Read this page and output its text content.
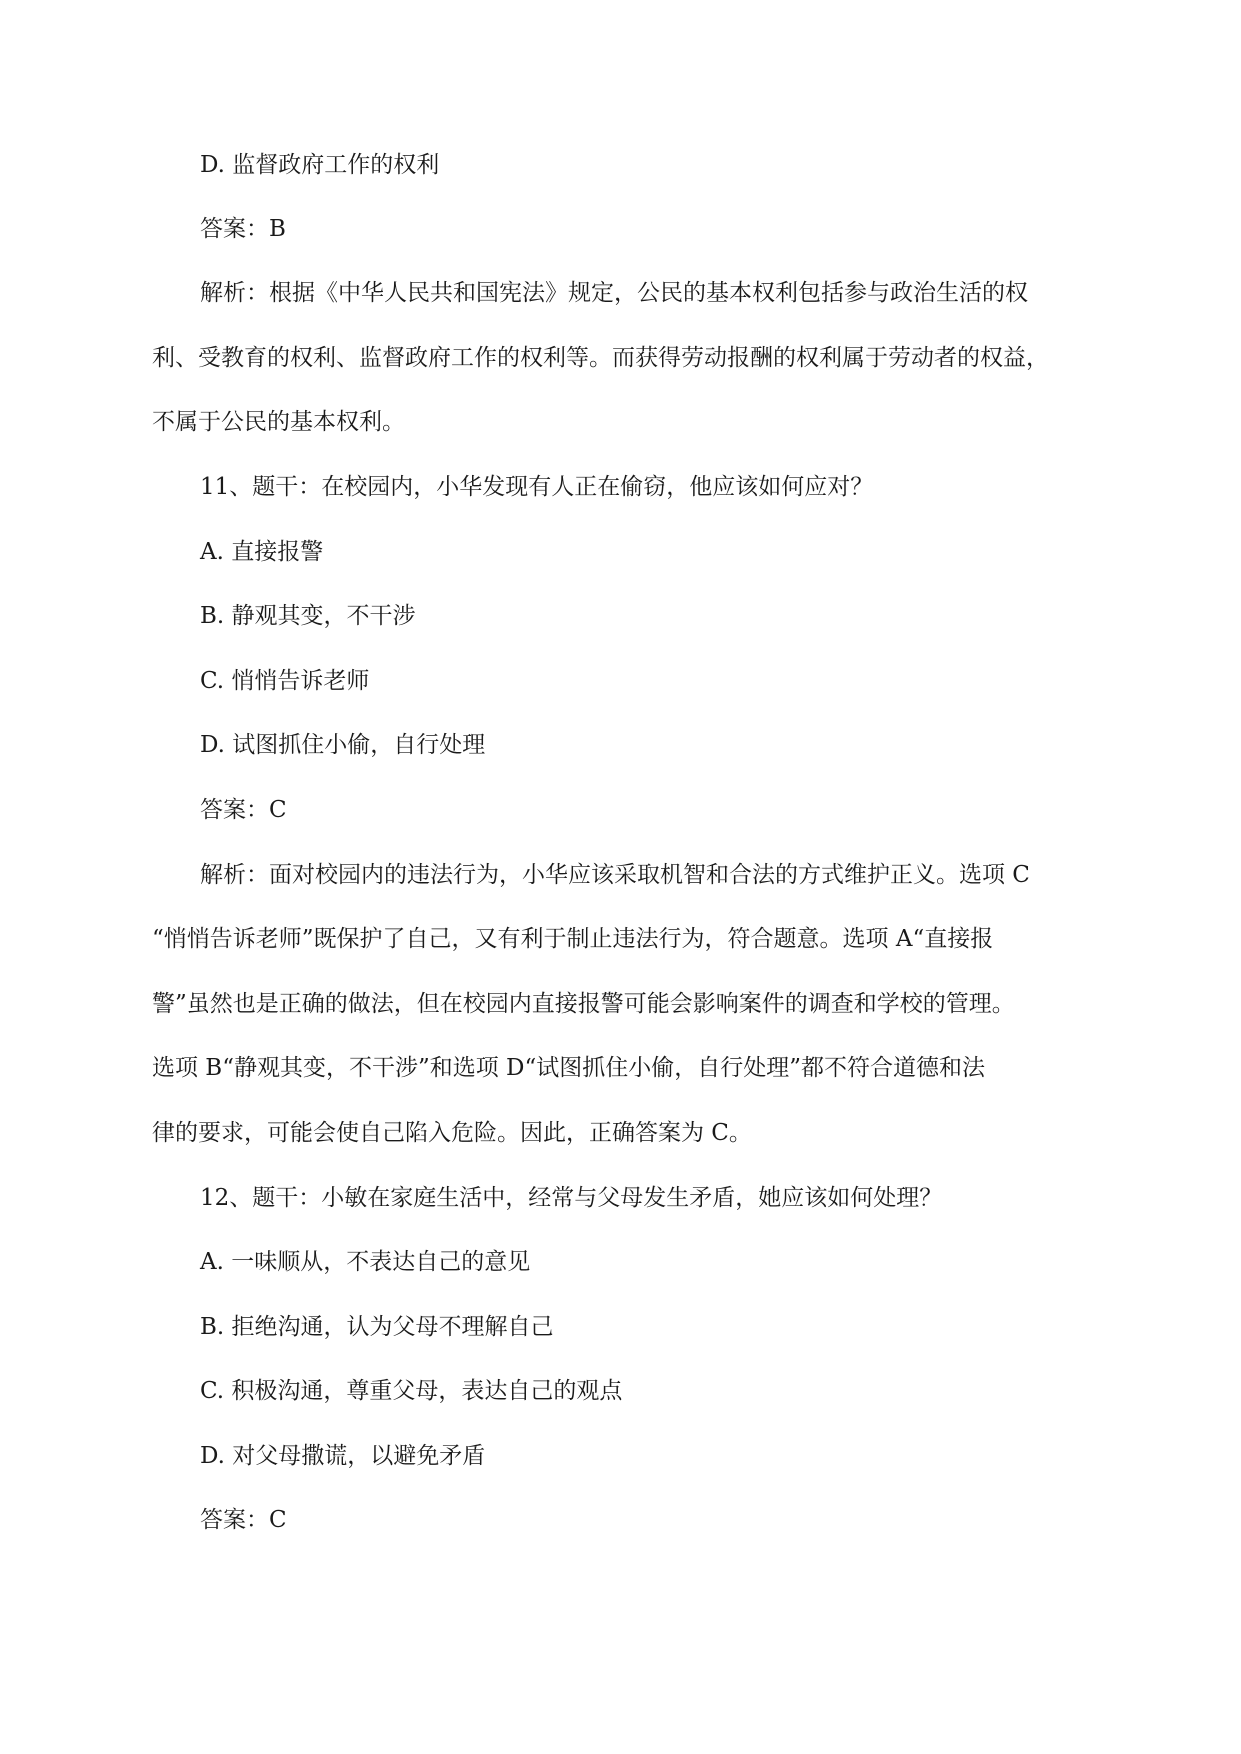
D. 监督政府工作的权利
答案：B
解析：根据《中华人民共和国宪法》规定，公民的基本权利包括参与政治生活的权
利、受教育的权利、监督政府工作的权利等。而获得劳动报酬的权利属于劳动者的权益，
不属于公民的基本权利。
11、题干：在校园内，小华发现有人正在偷窃，他应该如何应对？
A. 直接报警
B. 静观其变，不干涉
C. 悄悄告诉老师
D. 试图抓住小偷，自行处理
答案：C
解析：面对校园内的违法行为，小华应该采取机智和合法的方式维护正义。选项 C
“悄悄告诉老师”既保护了自己，又有利于制止违法行为，符合题意。选项 A“直接报
警”虽然也是正确的做法，但在校园内直接报警可能会影响案件的调查和学校的管理。
选项 B“静观其变，不干涉”和选项 D“试图抓住小偷，自行处理”都不符合道德和法
律的要求，可能会使自己陷入危险。因此，正确答案为 C。
12、题干：小敏在家庭生活中，经常与父母发生矛盾，她应该如何处理？
A. 一味顺从，不表达自己的意见
B. 拒绝沟通，认为父母不理解自己
C. 积极沟通，尊重父母，表达自己的观点
D. 对父母撒谎，以避免矛盾
答案：C
